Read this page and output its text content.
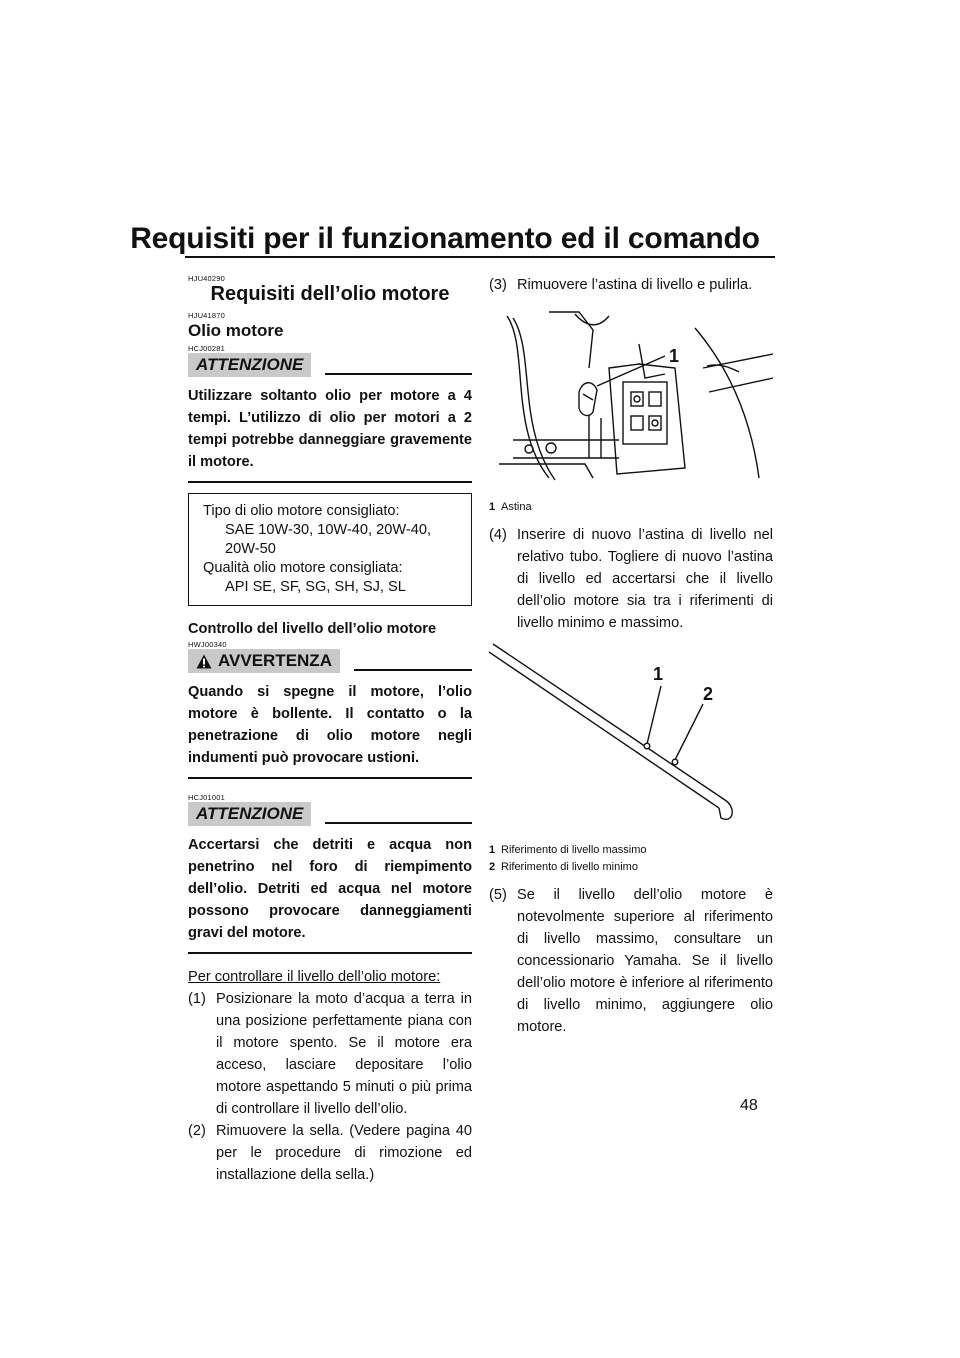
Requisiti per il funzionamento ed il comando
HJU40290
Requisiti dell’olio motore
HJU41870
Olio motore
HCJ00281
ATTENZIONE
Utilizzare soltanto olio per motore a 4 tempi. L’utilizzo di olio per motori a 2 tempi potrebbe danneggiare gravemente il motore.
Tipo di olio motore consigliato:
SAE 10W-30, 10W-40, 20W-40, 20W-50
Qualità olio motore consigliata:
API SE, SF, SG, SH, SJ, SL
Controllo del livello dell’olio motore
HWJ00340
AVVERTENZA
Quando si spegne il motore, l’olio motore è bollente. Il contatto o la penetrazione di olio motore negli indumenti può provocare ustioni.
HCJ01001
ATTENZIONE
Accertarsi che detriti e acqua non penetrino nel foro di riempimento dell’olio. Detriti ed acqua nel motore possono provocare danneggiamenti gravi del motore.
Per controllare il livello dell’olio motore:
(1) Posizionare la moto d’acqua a terra in una posizione perfettamente piana con il motore spento. Se il motore era acceso, lasciare depositare l’olio motore aspettando 5 minuti o più prima di controllare il livello dell’olio.
(2) Rimuovere la sella. (Vedere pagina 40 per le procedure di rimozione ed installazione della sella.)
(3) Rimuovere l’astina di livello e pulirla.
1
1 Astina
(4) Inserire di nuovo l’astina di livello nel relativo tubo. Togliere di nuovo l’astina di livello ed accertarsi che il livello dell’olio motore sia tra i riferimenti di livello minimo e massimo.
1
2
1 Riferimento di livello massimo
2 Riferimento di livello minimo
(5) Se il livello dell’olio motore è notevolmente superiore al riferimento di livello massimo, consultare un concessionario Yamaha. Se il livello dell’olio motore è inferiore al riferimento di livello minimo, aggiungere olio motore.
48
